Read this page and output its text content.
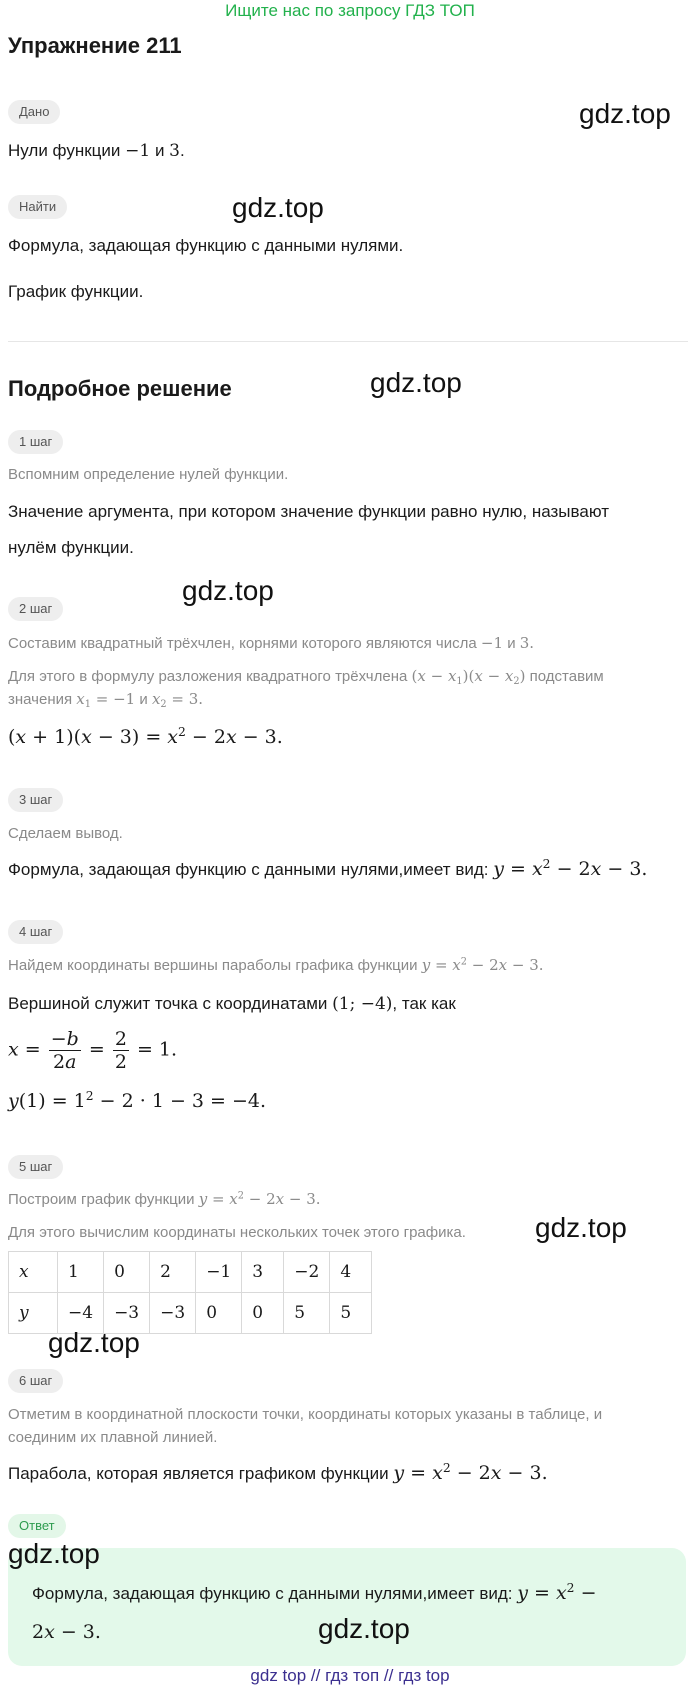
Ищите нас по запросу ГДЗ ТОП
Упражнение 211
Дано
Нули функции −1 и 3.
Найти
Формула, задающая функцию с данными нулями.
График функции.
Подробное решение
1 шаг
Вспомним определение нулей функции.
Значение аргумента, при котором значение функции равно нулю, называют
нулём функции.
2 шаг
Составим квадратный трёхчлен, корнями которого являются числа −1 и 3.
Для этого в формулу разложения квадратного трёхчлена $(x - x_1)(x - x_2)$ подставим
значения $x_1 = -1$ и $x_2 = 3$.
$(x + 1)(x - 3) = x^2 - 2x - 3$.
3 шаг
Сделаем вывод.
Формула, задающая функцию с данными нулями,имеет вид: $y = x^2 - 2x - 3$.
4 шаг
Найдем координаты вершины параболы графика функции $y = x^2 - 2x - 3$.
Вершиной служит точка с координатами (1; −4), так как
$x = \frac{-b}{2a} = \frac{2}{2} = 1$.
$y(1) = 1^2 - 2 \cdot 1 - 3 = -4$.
5 шаг
Построим график функции $y = x^2 - 2x - 3$.
Для этого вычислим координаты нескольких точек этого графика.
x	1	0	2	−1	3	−2	4
y	−4	−3	−3	0	0	5	5
6 шаг
Отметим в координатной плоскости точки, координаты которых указаны в таблице, и
соединим их плавной линией.
Парабола, которая является графиком функции $y = x^2 - 2x - 3$.
Ответ
Формула, задающая функцию с данными нулями,имеет вид: $y = x^2$ −
2x − 3.
gdz.top
gdz.top
gdz.top
gdz.top
gdz.top
gdz.top
gdz.top
gdz.top
gdz top // гдз топ // гдз top
